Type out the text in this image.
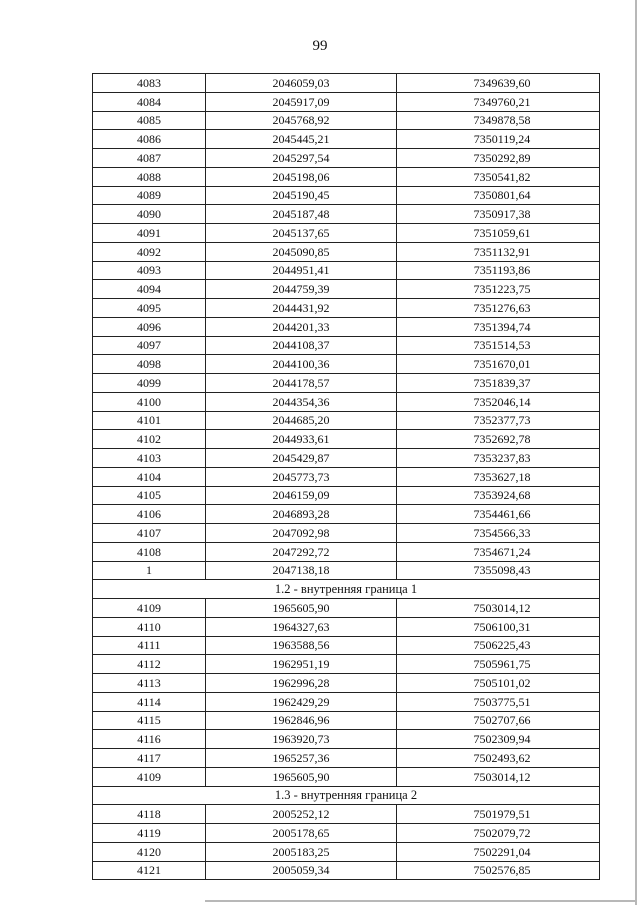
99
4083	2046059,03	7349639,60
4084	2045917,09	7349760,21
4085	2045768,92	7349878,58
4086	2045445,21	7350119,24
4087	2045297,54	7350292,89
4088	2045198,06	7350541,82
4089	2045190,45	7350801,64
4090	2045187,48	7350917,38
4091	2045137,65	7351059,61
4092	2045090,85	7351132,91
4093	2044951,41	7351193,86
4094	2044759,39	7351223,75
4095	2044431,92	7351276,63
4096	2044201,33	7351394,74
4097	2044108,37	7351514,53
4098	2044100,36	7351670,01
4099	2044178,57	7351839,37
4100	2044354,36	7352046,14
4101	2044685,20	7352377,73
4102	2044933,61	7352692,78
4103	2045429,87	7353237,83
4104	2045773,73	7353627,18
4105	2046159,09	7353924,68
4106	2046893,28	7354461,66
4107	2047092,98	7354566,33
4108	2047292,72	7354671,24
1	2047138,18	7355098,43
1.2 - внутренняя граница 1		
4109	1965605,90	7503014,12
4110	1964327,63	7506100,31
4111	1963588,56	7506225,43
4112	1962951,19	7505961,75
4113	1962996,28	7505101,02
4114	1962429,29	7503775,51
4115	1962846,96	7502707,66
4116	1963920,73	7502309,94
4117	1965257,36	7502493,62
4109	1965605,90	7503014,12
1.3 - внутренняя граница 2		
4118	2005252,12	7501979,51
4119	2005178,65	7502079,72
4120	2005183,25	7502291,04
4121	2005059,34	7502576,85
